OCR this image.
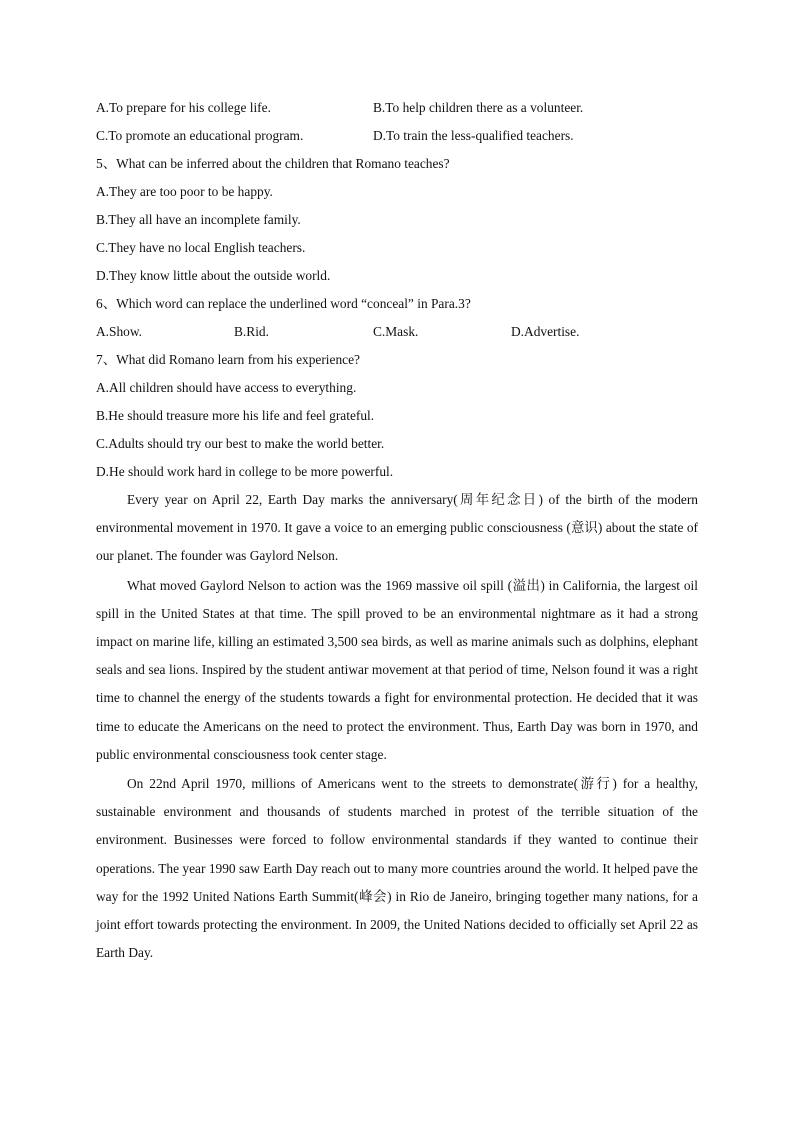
A.To prepare for his college life.	B.To help children there as a volunteer.
C.To promote an educational program.	D.To train the less-qualified teachers.
5、What can be inferred about the children that Romano teaches?
A.They are too poor to be happy.
B.They all have an incomplete family.
C.They have no local English teachers.
D.They know little about the outside world.
6、Which word can replace the underlined word “conceal” in Para.3?
A.Show.	B.Rid.	C.Mask.	D.Advertise.
7、What did Romano learn from his experience?
A.All children should have access to everything.
B.He should treasure more his life and feel grateful.
C.Adults should try our best to make the world better.
D.He should work hard in college to be more powerful.

Every year on April 22, Earth Day marks the anniversary(周年纪念日) of the birth of the modern environmental movement in 1970. It gave a voice to an emerging public consciousness (意识) about the state of our planet. The founder was Gaylord Nelson.

What moved Gaylord Nelson to action was the 1969 massive oil spill (溢出) in California, the largest oil spill in the United States at that time. The spill proved to be an environmental nightmare as it had a strong impact on marine life, killing an estimated 3,500 sea birds, as well as marine animals such as dolphins, elephant seals and sea lions. Inspired by the student antiwar movement at that period of time, Nelson found it was a right time to channel the energy of the students towards a fight for environmental protection. He decided that it was time to educate the Americans on the need to protect the environment. Thus, Earth Day was born in 1970, and public environmental consciousness took center stage.

On 22nd April 1970, millions of Americans went to the streets to demonstrate(游行) for a healthy, sustainable environment and thousands of students marched in protest of the terrible situation of the environment. Businesses were forced to follow environmental standards if they wanted to continue their operations. The year 1990 saw Earth Day reach out to many more countries around the world. It helped pave the way for the 1992 United Nations Earth Summit(峰会) in Rio de Janeiro, bringing together many nations, for a joint effort towards protecting the environment. In 2009, the United Nations decided to officially set April 22 as Earth Day.
